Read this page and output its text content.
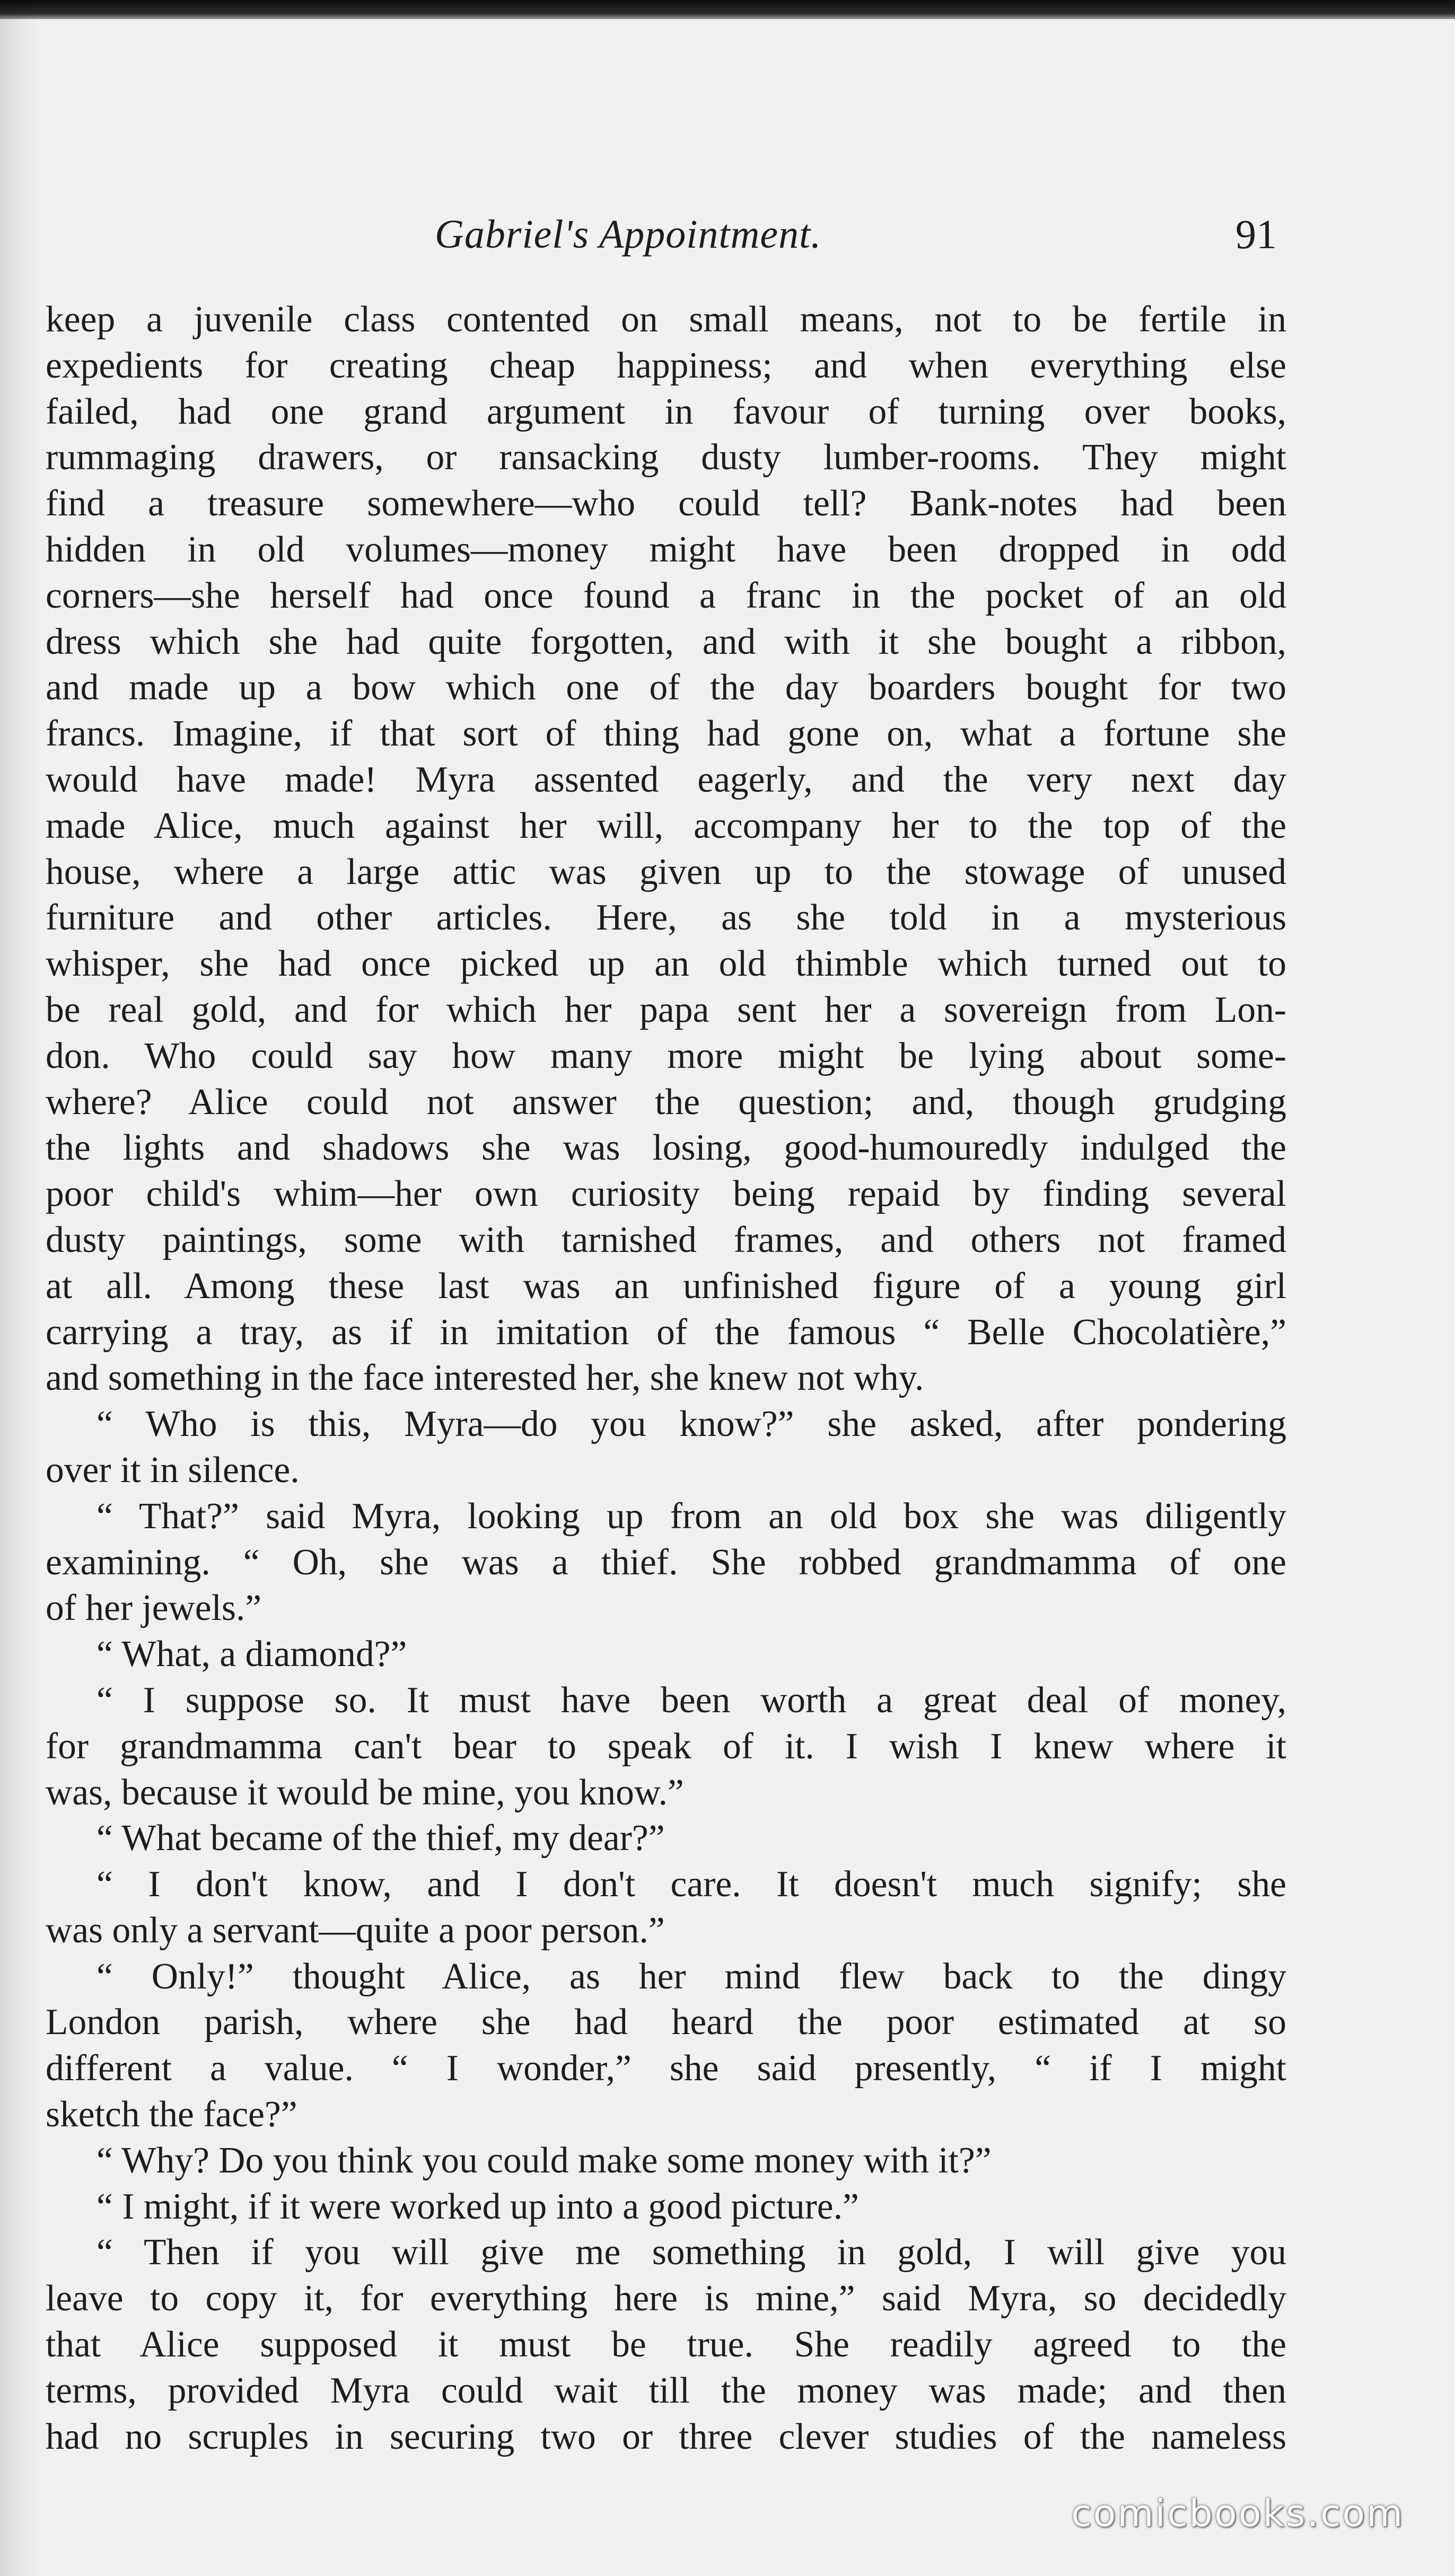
Gabriel's Appointment.	91
keep a juvenile class contented on small means, not to be fertile in
expedients for creating cheap happiness; and when everything else
failed, had one grand argument in favour of turning over books,
rummaging drawers, or ransacking dusty lumber-rooms. They might
find a treasure somewhere—who could tell? Bank-notes had been
hidden in old volumes—money might have been dropped in odd
corners—she herself had once found a franc in the pocket of an old
dress which she had quite forgotten, and with it she bought a ribbon,
and made up a bow which one of the day boarders bought for two
francs. Imagine, if that sort of thing had gone on, what a fortune she
would have made! Myra assented eagerly, and the very next day
made Alice, much against her will, accompany her to the top of the
house, where a large attic was given up to the stowage of unused
furniture and other articles. Here, as she told in a mysterious
whisper, she had once picked up an old thimble which turned out to
be real gold, and for which her papa sent her a sovereign from Lon-
don. Who could say how many more might be lying about some-
where? Alice could not answer the question; and, though grudging
the lights and shadows she was losing, good-humouredly indulged the
poor child's whim—her own curiosity being repaid by finding several
dusty paintings, some with tarnished frames, and others not framed
at all. Among these last was an unfinished figure of a young girl
carrying a tray, as if in imitation of the famous “ Belle Chocolatière,”
and something in the face interested her, she knew not why.
“ Who is this, Myra—do you know?” she asked, after pondering
over it in silence.
“ That?” said Myra, looking up from an old box she was diligently
examining. “ Oh, she was a thief. She robbed grandmamma of one
of her jewels.”
“ What, a diamond?”
“ I suppose so. It must have been worth a great deal of money,
for grandmamma can't bear to speak of it. I wish I knew where it
was, because it would be mine, you know.”
“ What became of the thief, my dear?”
“ I don't know, and I don't care. It doesn't much signify; she
was only a servant—quite a poor person.”
“ Only!” thought Alice, as her mind flew back to the dingy
London parish, where she had heard the poor estimated at so
different a value. “ I wonder,” she said presently, “ if I might
sketch the face?”
“ Why? Do you think you could make some money with it?”
“ I might, if it were worked up into a good picture.”
“ Then if you will give me something in gold, I will give you
leave to copy it, for everything here is mine,” said Myra, so decidedly
that Alice supposed it must be true. She readily agreed to the
terms, provided Myra could wait till the money was made; and then
had no scruples in securing two or three clever studies of the nameless
comicbooks.com
